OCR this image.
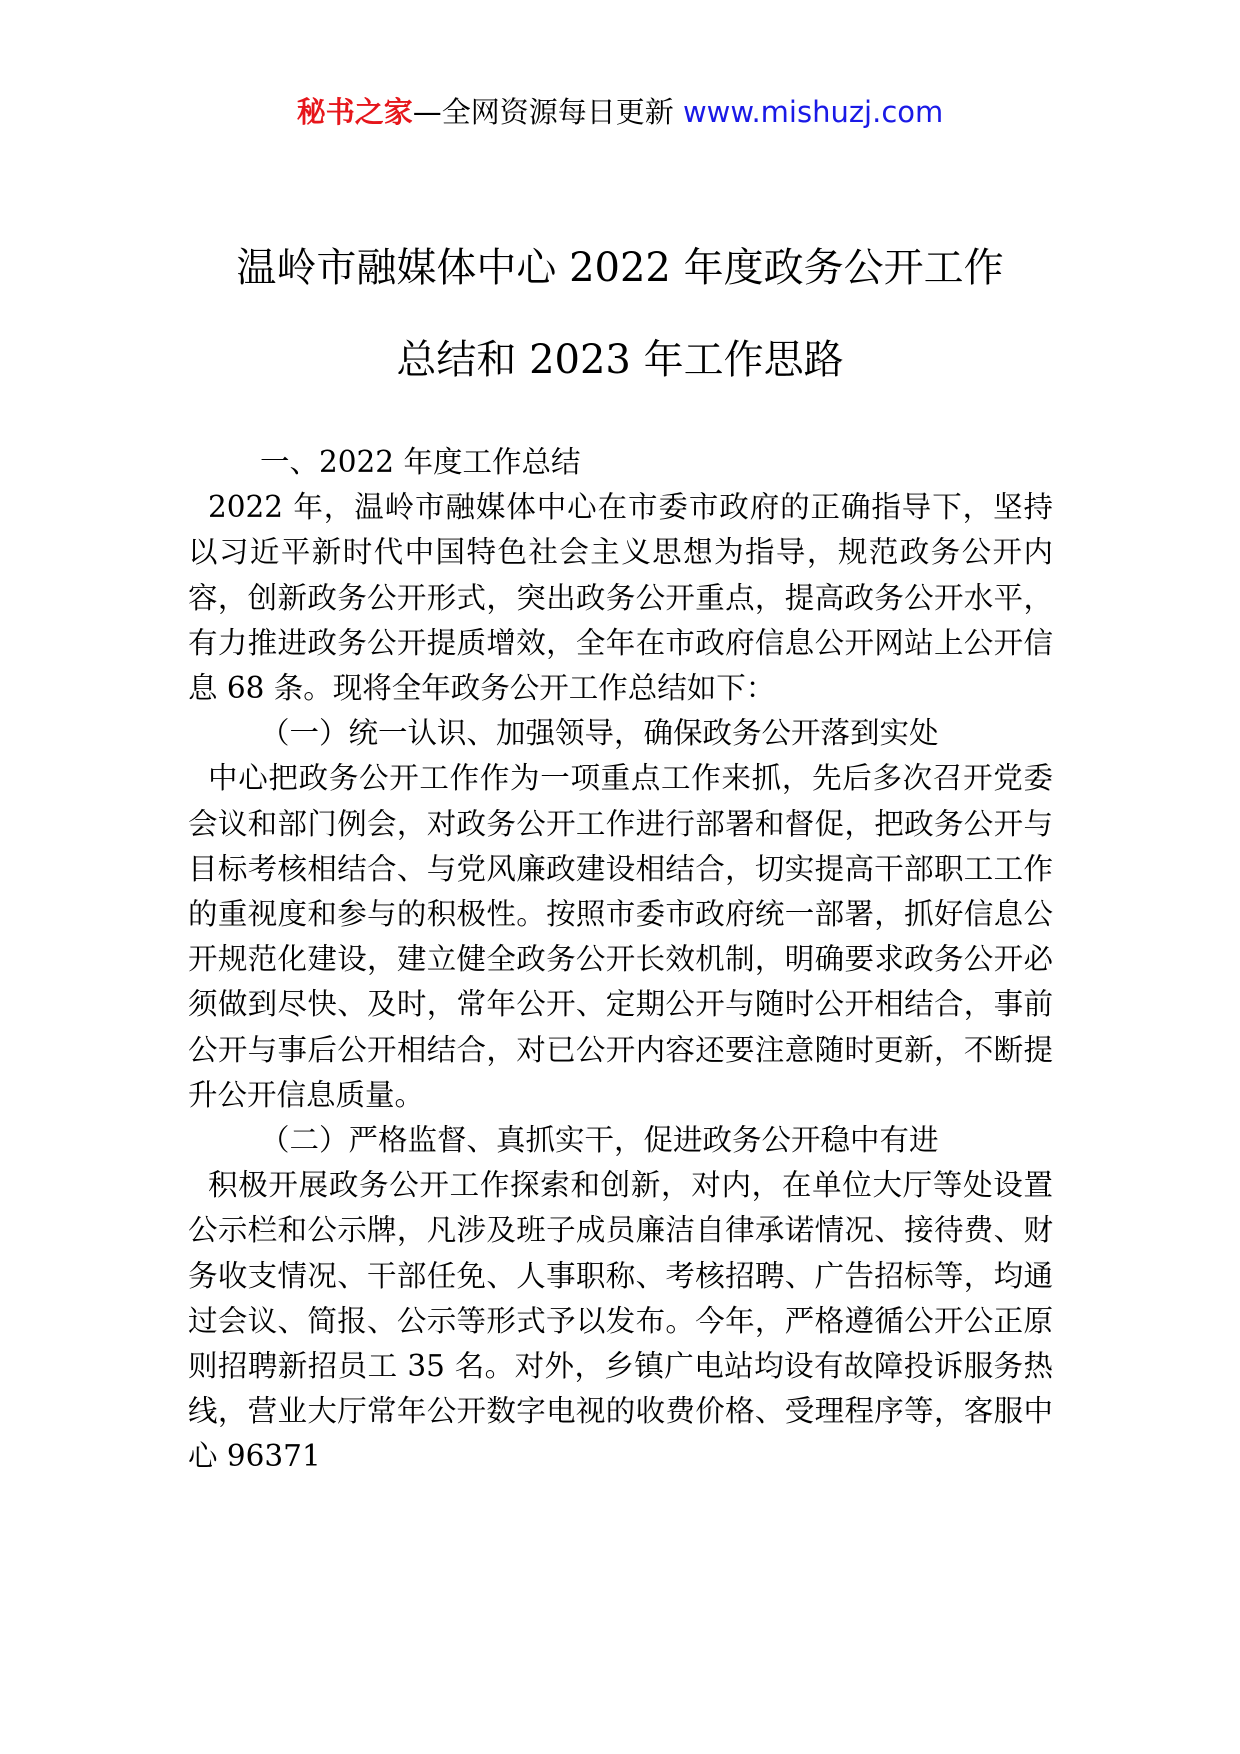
秘书之家—全网资源每日更新 www.mishuzj.com
温岭市融媒体中心 2022 年度政务公开工作
总结和 2023 年工作思路

一、2022 年度工作总结

2022 年，温岭市融媒体中心在市委市政府的正确指导下，坚持以习近平新时代中国特色社会主义思想为指导，规范政务公开内容，创新政务公开形式，突出政务公开重点，提高政务公开水平，有力推进政务公开提质增效，全年在市政府信息公开网站上公开信息 68 条。现将全年政务公开工作总结如下：

（一）统一认识、加强领导，确保政务公开落到实处

中心把政务公开工作作为一项重点工作来抓，先后多次召开党委会议和部门例会，对政务公开工作进行部署和督促，把政务公开与目标考核相结合、与党风廉政建设相结合，切实提高干部职工工作的重视度和参与的积极性。按照市委市政府统一部署，抓好信息公开规范化建设，建立健全政务公开长效机制，明确要求政务公开必须做到尽快、及时，常年公开、定期公开与随时公开相结合，事前公开与事后公开相结合，对已公开内容还要注意随时更新，不断提升公开信息质量。

（二）严格监督、真抓实干，促进政务公开稳中有进

积极开展政务公开工作探索和创新，对内，在单位大厅等处设置公示栏和公示牌，凡涉及班子成员廉洁自律承诺情况、接待费、财务收支情况、干部任免、人事职称、考核招聘、广告招标等，均通过会议、简报、公示等形式予以发布。今年，严格遵循公开公正原则招聘新招员工 35 名。对外，乡镇广电站均设有故障投诉服务热线，营业大厅常年公开数字电视的收费价格、受理程序等，客服中心 96371
